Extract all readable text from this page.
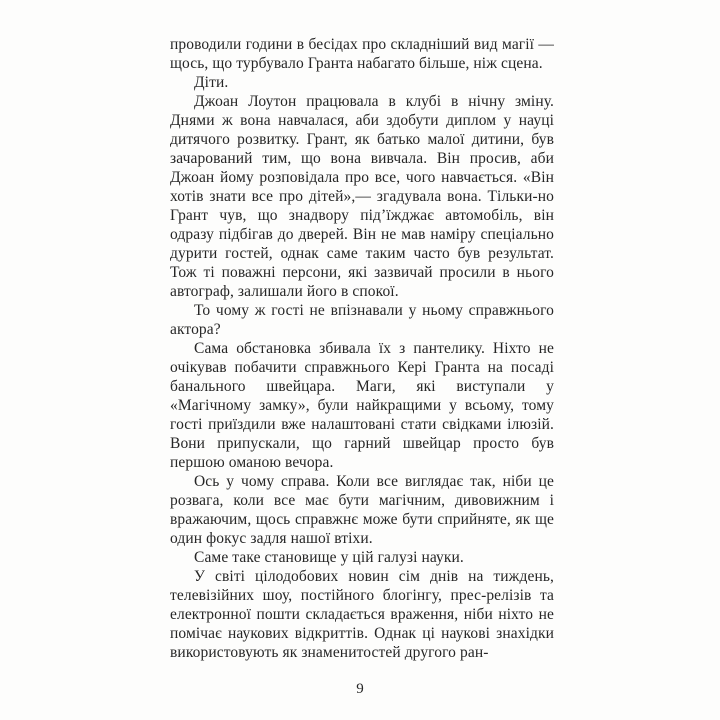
проводили години в бесідах про складніший вид магії — щось, що турбувало Гранта набагато більше, ніж сцена.

Діти.

Джоан Лоутон працювала в клубі в нічну зміну. Днями ж вона навчалася, аби здобути диплом у науці дитячого розвитку. Грант, як батько малої дитини, був зачарований тим, що вона вивчала. Він просив, аби Джоан йому розповідала про все, чого навчається. «Він хотів знати все про дітей»,— згадувала вона. Тільки-но Грант чув, що знадвору під’їжджає автомобіль, він одразу підбігав до дверей. Він не мав наміру спеціально дурити гостей, однак саме таким часто був результат. Тож ті поважні персони, які зазвичай просили в нього автограф, залишали його в спокої.

То чому ж гості не впізнавали у ньому справжнього актора?

Сама обстановка збивала їх з пантелику. Ніхто не очікував побачити справжнього Кері Гранта на посаді банального швейцара. Маги, які виступали у «Магічному замку», були найкращими у всьому, тому гості приїздили вже налаштовані стати свідками ілюзій. Вони припускали, що гарний швейцар просто був першою оманою вечора.

Ось у чому справа. Коли все виглядає так, ніби це розвага, коли все має бути магічним, дивовижним і вражаючим, щось справжнє може бути сприйняте, як ще один фокус задля нашої втіхи.

Саме таке становище у цій галузі науки.

У світі цілодобових новин сім днів на тиждень, телевізійних шоу, постійного блогінгу, прес-релізів та електронної пошти складається враження, ніби ніхто не помічає наукових відкриттів. Однак ці наукові знахідки використовують як знаменитостей другого ран-

9
